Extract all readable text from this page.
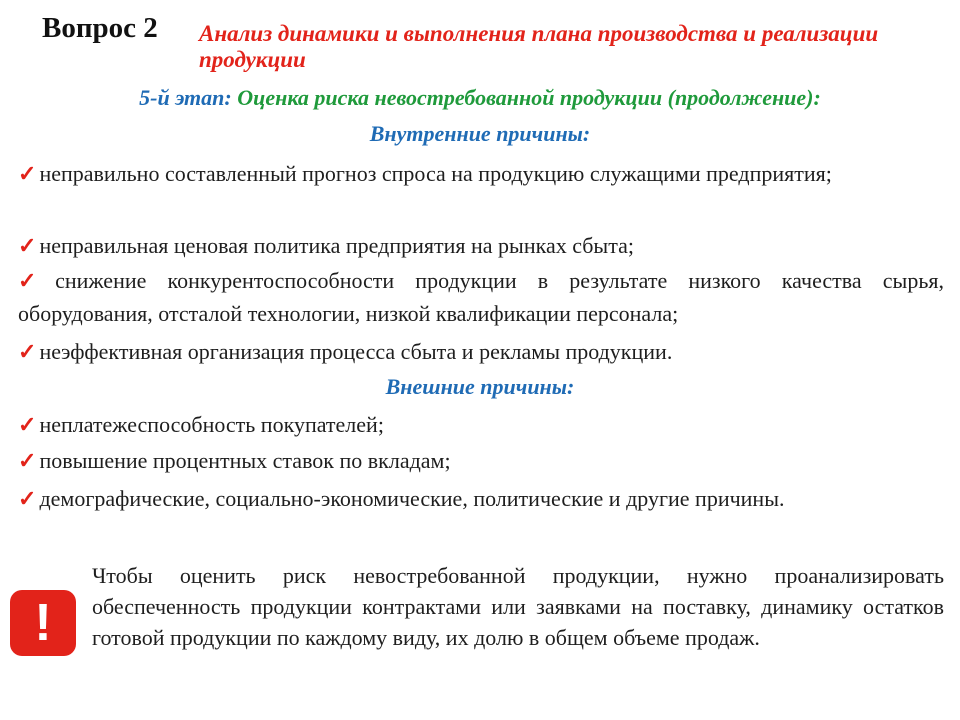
Вопрос 2 Анализ динамики и выполнения плана производства и реализации продукции
5-й этап: Оценка риска невостребованной продукции (продолжение):
Внутренние причины:
✓ неправильно составленный прогноз спроса на продукцию служащими предприятия;
✓ неправильная ценовая политика предприятия на рынках сбыта;
✓ снижение конкурентоспособности продукции в результате низкого качества сырья, оборудования, отсталой технологии, низкой квалификации персонала;
✓ неэффективная организация процесса сбыта и рекламы продукции.
Внешние причины:
✓ неплатежеспособность покупателей;
✓ повышение процентных ставок по вкладам;
✓ демографические, социально-экономические, политические и другие причины.
!
Чтобы оценить риск невостребованной продукции, нужно проанализировать обеспеченность продукции контрактами или заявками на поставку, динамику остатков готовой продукции по каждому виду, их долю в общем объеме продаж.
